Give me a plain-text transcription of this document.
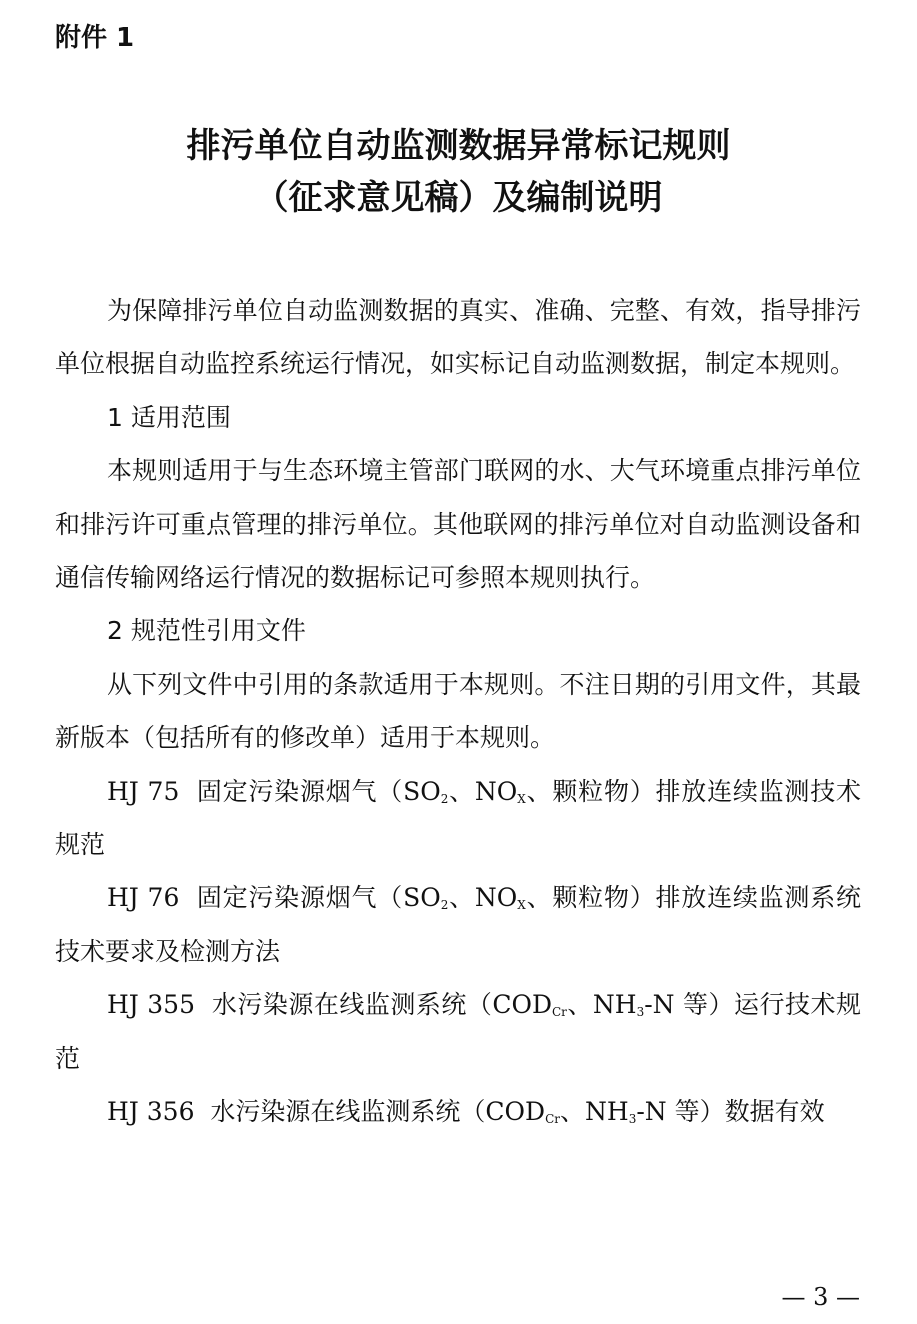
附件 1
排污单位自动监测数据异常标记规则
（征求意见稿）及编制说明

为保障排污单位自动监测数据的真实、准确、完整、有效，指导排污单位根据自动监控系统运行情况，如实标记自动监测数据，制定本规则。

1 适用范围

本规则适用于与生态环境主管部门联网的水、大气环境重点排污单位和排污许可重点管理的排污单位。其他联网的排污单位对自动监测设备和通信传输网络运行情况的数据标记可参照本规则执行。

2 规范性引用文件

从下列文件中引用的条款适用于本规则。不注日期的引用文件，其最新版本（包括所有的修改单）适用于本规则。

HJ 75 固定污染源烟气（$SO_2$、$NO_X$、颗粒物）排放连续监测技术规范

HJ 76 固定污染源烟气（$SO_2$、$NO_X$、颗粒物）排放连续监测系统技术要求及检测方法

HJ 355 水污染源在线监测系统（$COD_{Cr}$、$NH_3-N$ 等）运行技术规范

HJ 356 水污染源在线监测系统（$COD_{Cr}$、$NH_3-N$ 等）数据有效

— 3 —
